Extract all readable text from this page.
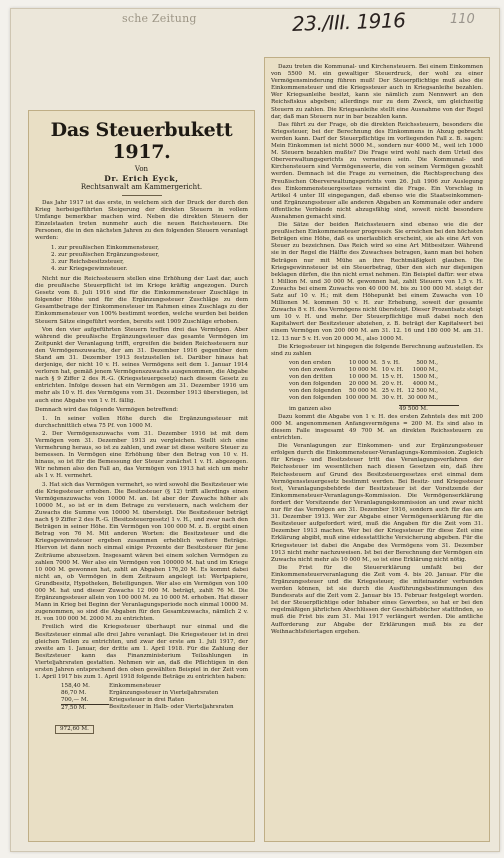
sche Zeitung	23./III. 1916	110
Das Steuerbukett 1917.
Von
Dr. Erich Eyck,
Rechtsanwalt am Kammergericht.

Das Jahr 1917 ist das erste, in welchem sich der Druck der durch den Krieg herbeigeführten Steigerung der direkten Steuern in vollem Umfange bemerkbar machen wird. Neben die direkten Steuern der Einzelstaaten treten nunmehr auch die neuen Reichssteuern. Die Personen, die in den nächsten Jahren zu den folgenden Steuern veranlagt werden:

1. zur preußischen Einkommensteuer,
2. zur preußischen Ergänzungssteuer,
3. zur Reichsbesitzsteuer,
4. zur Kriegsgewinnsteuer.

Nicht nur die Reichssteuern stellen eine Erhöhung der Last dar, auch die preußische Steuerpflicht ist im Kriege kräftig angezogen. Durch Gesetz vom 8. Juli 1916 sind für die Einkommensteuer Zuschläge in folgender Höhe und für die Ergänzungssteuer Zuschläge zu dem Gesamtbetrage der Einkommensteuer im Rahmen eines Zuschlags zu der Einkommensteuer von 100% bestimmt worden, welche wurden bei beiden Steuern Sätze eingeführt worden, bereits seit 1909 Zuschläge erhoben.

Von den vier aufgeführten Steuern treffen drei das Vermögen. Aber während die preußische Ergänzungssteuer das gesamte Vermögen im Zeitpunkt der Veranlagung trifft, ergreifen die beiden Reichssteuern nur den Vermögenszuwachs, der am 31. Dezember 1916 gegenüber dem Stand am 31. Dezember 1913 festzustellen ist. Darüber hinaus hat derjenige, der nicht 10 v. H. seines Vermögens seit dem 1. Januar 1914 verloren hat, gemäß jenem Vermögenszuwachs ausgenommen, die Abgabe nach § 9 Ziffer 2 des R.-G. (Kriegssteuergesetz) nach diesem Gesetz zu entrichten. Infolge dessen hat ein Vermögen am 31. Dezember 1916 um mehr als 10 v. H. des Vermögens vom 31. Dezember 1913 überstiegen, ist auch eine Abgabe von 1 v. H. fällig.

Demnach wird das folgende Vermögen betreffend:

1. In seiner vollen Höhe durch die Ergänzungssteuer mit durchschnittlich etwa 75 Pf. von 1000 M.

2. Der Vermögenszuwachs vom 31. Dezember 1916 ist mit dem Vermögen vom 31. Dezember 1913 zu vergleichen. Stellt sich eine Vermehrung heraus, so ist zu zahlen, und zwar ist diese weitere Steuer zu bemessen. In Vermögen eine Erhöhung über den Betrag von 10 v. H. hinaus, so ist für die Bemessung der Steuer zunächst 1 v. H. abgezogen. Wir nehmen also den Fall an, das Vermögen von 1913 hat sich um mehr als 1 v. H. vermehrt.

3. Hat sich das Vermögen vermehrt, so wird sowohl die Besitzsteuer wie die Kriegssteuer erhoben. Die Besitzsteuer (§ 12) trifft allerdings einen Vermögenszuwachs von 10000 M. an. Ist aber der Zuwachs höher als 10000 M., so ist er in dem Betrage zu versteuern, nach welchem der Zuwachs die Summe von 10000 M. übersteigt. Die Besitzsteuer beträgt nach § 9 Ziffer 2 des R.-G. (Besitzsteuergesetz) 1 v. H., und zwar nach den Beträgen in seiner Höhe. Ein Vermögen von 100 000 M. z. B. ergibt einen Betrag von 76 M. Mit anderen Worten: die Besitzsteuer und die Kriegsgewinnsteuer ergeben zusammen erheblich weitere Beträge. Hiervon ist dann noch einmal einige Prozente der Besitzsteuer für jene Zeiträume abzusetzen. Insgesamt wären bei einem solchen Vermögen zu zahlen 7000 M. Wer also ein Vermögen von 100000 M. hat und im Kriege 10 000 M. gewonnen hat, zahlt an Abgaben 176,20 M. Es kommt dabei nicht an, ob Vermögen in dem Zeitraum angelegt ist: Wertpapiere, Grundbesitz, Hypotheken, Beteiligungen. Wer also ein Vermögen von 100 000 M. hat und dieser Zuwachs 12 000 M. beträgt, zahlt 76 M. Die Ergänzungssteuer allein von 100 000 M. zu 10 000 M. erhoben. Hat dieser Mann in Krieg bei Beginn der Veranlagungsperiode noch einmal 10000 M. zugenommen, so sind die Abgaben für den Gesamtzuwachs, nämlich 2 v. H. von 100 000 M. 2000 M. zu entrichten.

Freilich wird die Kriegssteuer überhaupt nur einmal und die Besitzsteuer einmal alle drei Jahre veranlagt. Die Kriegssteuer ist in drei gleichen Teilen zu entrichten, und zwar der erste am 1. Juli 1917, der zweite am 1. Januar, der dritte am 1. April 1918. Für die Zahlung der Besitzsteuer kann das Finanzministerium Teilzahlungen in Vierteljahrsraten gestatten. Nehmen wir an, daß die Pflichtigen in den ersten Jahren entsprechend den oben gewählten Beispiel in der Zeit vom 1. April 1917 bis zum 1. April 1918 folgende Beträge zu entrichten haben:

158,40 M.	Einkommensteuer
86,70 M.	Ergänzungssteuer in Vierteljahrsraten
700,— M.	Kriegssteuer in drei Raten
27,50 M.	Besitzsteuer in Halb- oder Vierteljahrsraten
972,60 M.

Dazu treten die Kommunal- und Kirchensteuern. Bei einem Einkommen von 5500 M. ein gewaltiger Steuerdruck, der wohl zu einer Vermögensminderung führen muß! Der Steuerpflichtige muß also die Einkommensteuer und die Kriegssteuer auch in Kriegsanleihe bezahlen. Wer Kriegsanleihe besitzt, kann sie nämlich zum Nennwert an den Reichsfiskus abgeben; allerdings nur zu dem Zweck, um gleichzeitig Steuern zu zahlen. Die Kriegsanleihe stellt eine Ausnahme von der Regel dar, daß man Steuern nur in bar bezahlen kann.

Das führt zu der Frage, ob die direkten Reichssteuern, besonders die Kriegssteuer, bei der Berechnung des Einkommens in Abzug gebracht werden kann. Darf der Steuerpflichtige im vorliegenden Fall z. B. sagen: Mein Einkommen ist nicht 5000 M., sondern nur 4000 M., weil ich 1000 M. Steuern bezahlen mußte? Die Frage wird wohl nach dem Urteil des Oberverwaltungsgerichts zu verneinen sein. Die Kommunal- und Kirchensteuern sind Vermögenswerte, die von seinem Vermögen gezahlt werden. Demnach ist die Frage zu verneinen, die Rechtsprechung des Preußischen Oberverwaltungsgerichts vom 26. Juli 1906 zur Auslegung des Einkommensteuergesetzes verneint die Frage. Ein Vorschlag in Artikel 4 unter III eingegangen, daß ebenso wie die Staatseinkommen- und Ergänzungssteuer alle anderen Abgaben an Kommunale oder andere öffentliche Verbände nicht abzugsfähig sind, soweit nicht besondere Ausnahmen gemacht sind.

Die Sätze der beiden Reichssteuern sind ebenso wie die der preußischen Einkommensteuer progressiv. Sie erreichen bei den höchsten Beträgen eine Höhe, daß es unerlaublich erscheint, sie als eine Art von Steuer zu bezeichnen. Das Reich wird so eine Art Mitbesitzer. Während sie in der Regel die Hälfte des Zuwachses betragen, kann man bei hohen Beträgen nur mit Mühe an ihre Rechtmäßigkeit glauben. Die Kriegsgewinnsteuer ist ein Steuerbetrag, über den sich nur diejenigen beklagen dürfen, die ihn nicht ernst nehmen. Ein Beispiel dafür: wer etwa 1 Million M. und 30 000 M. gewonnen hat, zahlt Steuern von 1,5 v. H. Zuwachs bei einem Zuwachs von 40 000 M. bis zu 100 000 M. steigt der Satz auf 10 v. H.; mit dem Höhepunkt bei einem Zuwachs von 10 Millionen M. kommen 50 v. H. zur Erhebung, soweit der gesamte Zuwachs 8 v. H. des Vermögens nicht übersteigt. Dieser Prozentsatz steigt um 10 v. H. und mehr. Der Steuerpflichtige muß dabei noch den Kapitalwert der Besitzsteuer abziehen, z. B. beträgt der Kapitalwert bei einem Vermögen von 200 000 M. am 31. 12. 16 und 180 000 M. am 31. 12. 13 nur 5 v. H. von 20 000 M., also 1000 M.

Die Kriegssteuer ist hingegen die folgende Berechnung aufzustellen. Es sind zu zahlen

von den ersten	10 000 M.	5 v. H.	500 M.,
von den zweiten	10 000 M.	10 v. H.	1000 M.,
von den dritten	10 000 M.	15 v. H.	1500 M.,
von den folgenden	20 000 M.	20 v. H.	4000 M.,
von den folgenden	50 000 M.	25 v. H.	12 500 M.,
von den folgenden	100 000 M.	30 v. H.	30 000 M.,
im ganzen also	49 500 M.

Dazu kommt die Abgabe von 1 v. H. des ersten Zehntels des mit 200 000 M. angenommenen Anfangsvermögens = 200 M. Es sind also in diesem Falle insgesamt 49 700 M. an direkten Reichssteuern zu entrichten.

Die Veranlagungen zur Einkommen- und zur Ergänzungssteuer erfolgen durch die Einkommensteuer-Veranlagungs-Kommission. Zugleich für Kriegs- und Besitzsteuer tritt das Veranlagungsverfahren der Reichssteuer im wesentlichen nach diesen Gesetzen ein, daß ihre Reichssteuern auf Grund des Besitzsteuergesetzes erst einmal dem Vermögenssteuergesetz bestimmt werden. Bei Besitz- und Kriegssteuer fest, Veranlagungsbehörde der Besitzsteuer ist der Vorsitzende der Einkommensteuer-Veranlagungs-Kommission. Die Vermögenserklärung fordert der Vorsitzende der Veranlagungskommission an und zwar nicht nur für das Vermögen am 31. Dezember 1916, sondern auch für das am 31. Dezember 1913. Wer zur Abgabe einer Vermögenserklärung für die Besitzsteuer aufgefordert wird, muß die Angaben für die Zeit vom 31. Dezember 1913 machen. Wer bei der Kriegssteuer für diese Zeit eine Erklärung abgibt, muß eine eidesstattliche Versicherung abgeben. Für die Kriegssteuer ist dabei die Angabe des Vermögens vom 31. Dezember 1913 nicht mehr nachzuweisen. Ist bei der Berechnung der Vermögen ein Zuwachs nicht mehr als 10 000 M., so ist eine Erklärung nicht nötig.

Die Frist für die Steuererklärung umfaßt bei der Einkommensteuerveranlagung die Zeit vom 4. bis 20. Januar. Für die Ergänzungssteuer und die Kriegssteuer, die miteinander verbunden werden können, ist sie durch die Ausführungsbestimmungen des Bundesrats auf die Zeit vom 2. Januar bis 15. Februar festgelegt worden. Ist der Steuerpflichtige oder Inhaber eines Gewerbes, so hat er bei den regelmäßigen jährlichen Abschlüssen der Geschäftsbücher stattfinden, so muß die Frist bis zum 31. Mai 1917 verlängert werden. Die amtliche Aufforderung zur Abgabe der Erklärungen muß bis zu der Weihnachtsfeiertagen ergehen.
